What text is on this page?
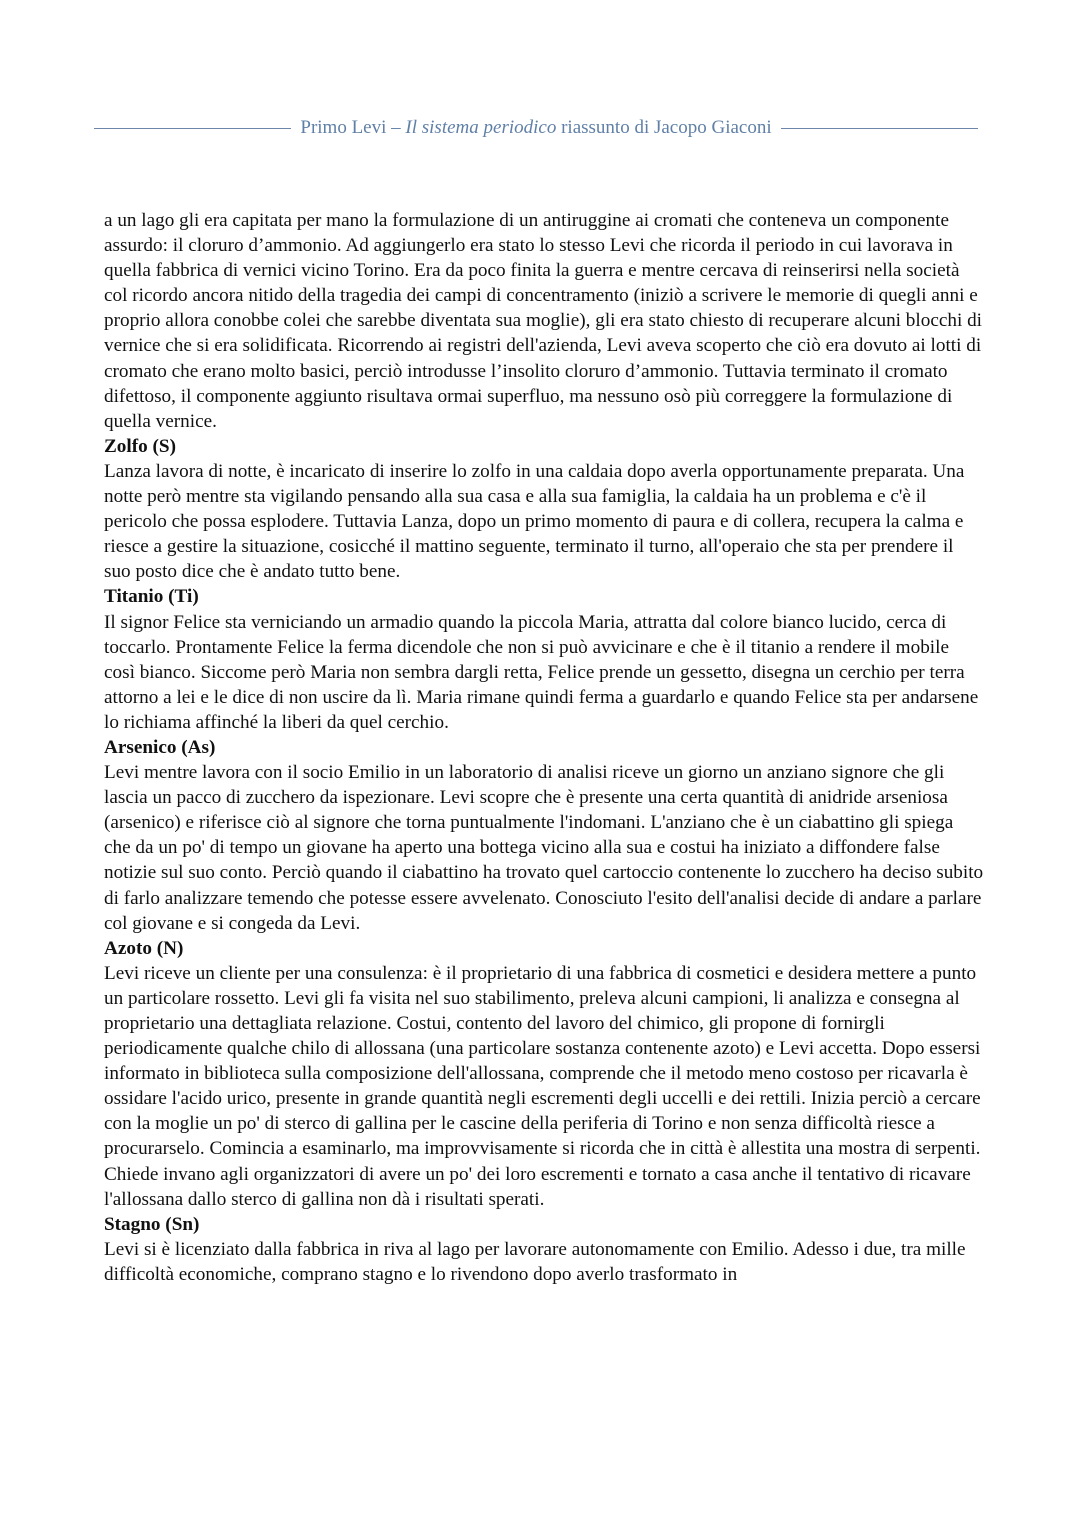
Primo Levi – Il sistema periodico riassunto di Jacopo Giaconi

a un lago gli era capitata per mano la formulazione di un antiruggine ai cromati che conteneva un componente assurdo: il cloruro d’ammonio. Ad aggiungerlo era stato lo stesso Levi che ricorda il periodo in cui lavorava in quella fabbrica di vernici vicino Torino. Era da poco finita la guerra e mentre cercava di reinserirsi nella società col ricordo ancora nitido della tragedia dei campi di concentramento (iniziò a scrivere le memorie di quegli anni e proprio allora conobbe colei che sarebbe diventata sua moglie), gli era stato chiesto di recuperare alcuni blocchi di vernice che si era solidificata. Ricorrendo ai registri dell'azienda, Levi aveva scoperto che ciò era dovuto ai lotti di cromato che erano molto basici, perciò introdusse l’insolito cloruro d’ammonio. Tuttavia terminato il cromato difettoso, il componente aggiunto risultava ormai superfluo, ma nessuno osò più correggere la formulazione di quella vernice.

Zolfo (S)

Lanza lavora di notte, è incaricato di inserire lo zolfo in una caldaia dopo averla opportunamente preparata. Una notte però mentre sta vigilando pensando alla sua casa e alla sua famiglia, la caldaia ha un problema e c'è il pericolo che possa esplodere. Tuttavia Lanza, dopo un primo momento di paura e di collera, recupera la calma e riesce a gestire la situazione, cosicché il mattino seguente, terminato il turno, all'operaio che sta per prendere il suo posto dice che è andato tutto bene.

Titanio (Ti)

Il signor Felice sta verniciando un armadio quando la piccola Maria, attratta dal colore bianco lucido, cerca di toccarlo. Prontamente Felice la ferma dicendole che non si può avvicinare e che è il titanio a rendere il mobile così bianco. Siccome però Maria non sembra dargli retta, Felice prende un gessetto, disegna un cerchio per terra attorno a lei e le dice di non uscire da lì. Maria rimane quindi ferma a guardarlo e quando Felice sta per andarsene lo richiama affinché la liberi da quel cerchio.

Arsenico (As)

Levi mentre lavora con il socio Emilio in un laboratorio di analisi riceve un giorno un anziano signore che gli lascia un pacco di zucchero da ispezionare. Levi scopre che è presente una certa quantità di anidride arseniosa (arsenico) e riferisce ciò al signore che torna puntualmente l'indomani. L'anziano che è un ciabattino gli spiega che da un po' di tempo un giovane ha aperto una bottega vicino alla sua e costui ha iniziato a diffondere false notizie sul suo conto. Perciò quando il ciabattino ha trovato quel cartoccio contenente lo zucchero ha deciso subito di farlo analizzare temendo che potesse essere avvelenato. Conosciuto l'esito dell'analisi decide di andare a parlare col giovane e si congeda da Levi.

Azoto (N)

Levi riceve un cliente per una consulenza: è il proprietario di una fabbrica di cosmetici e desidera mettere a punto un particolare rossetto. Levi gli fa visita nel suo stabilimento, preleva alcuni campioni, li analizza e consegna al proprietario una dettagliata relazione. Costui, contento del lavoro del chimico, gli propone di fornirgli periodicamente qualche chilo di allossana (una particolare sostanza contenente azoto) e Levi accetta. Dopo essersi informato in biblioteca sulla composizione dell'allossana, comprende che il metodo meno costoso per ricavarla è ossidare l'acido urico, presente in grande quantità negli escrementi degli uccelli e dei rettili. Inizia perciò a cercare con la moglie un po' di sterco di gallina per le cascine della periferia di Torino e non senza difficoltà riesce a procurarselo. Comincia a esaminarlo, ma improvvisamente si ricorda che in città è allestita una mostra di serpenti. Chiede invano agli organizzatori di avere un po' dei loro escrementi e tornato a casa anche il tentativo di ricavare l'allossana dallo sterco di gallina non dà i risultati sperati.

Stagno (Sn)

Levi si è licenziato dalla fabbrica in riva al lago per lavorare autonomamente con Emilio. Adesso i due, tra mille difficoltà economiche, comprano stagno e lo rivendono dopo averlo trasformato in
